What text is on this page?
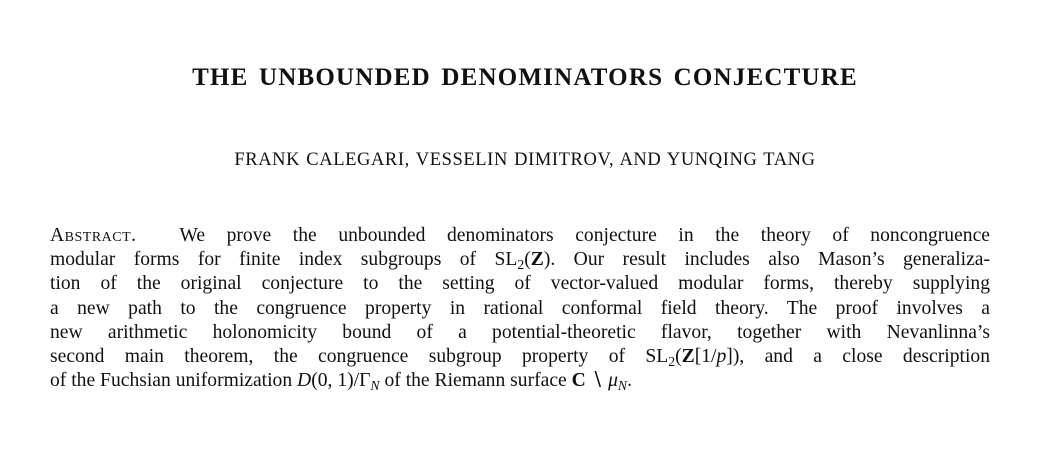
THE UNBOUNDED DENOMINATORS CONJECTURE
FRANK CALEGARI, VESSELIN DIMITROV, AND YUNQING TANG
Abstract. We prove the unbounded denominators conjecture in the theory of noncongruence
modular forms for finite index subgroups of $SL_2(Z)$. Our result includes also Mason’s generaliza-
tion of the original conjecture to the setting of vector-valued modular forms, thereby supplying
a new path to the congruence property in rational conformal field theory. The proof involves a
new arithmetic holonomicity bound of a potential-theoretic flavor, together with Nevanlinna’s
second main theorem, the congruence subgroup property of $SL_2(Z[1/p])$, and a close description
of the Fuchsian uniformization D(0, $1)/\Gamma_N$ of the Riemann surface C ∖ $\mu_N$.
